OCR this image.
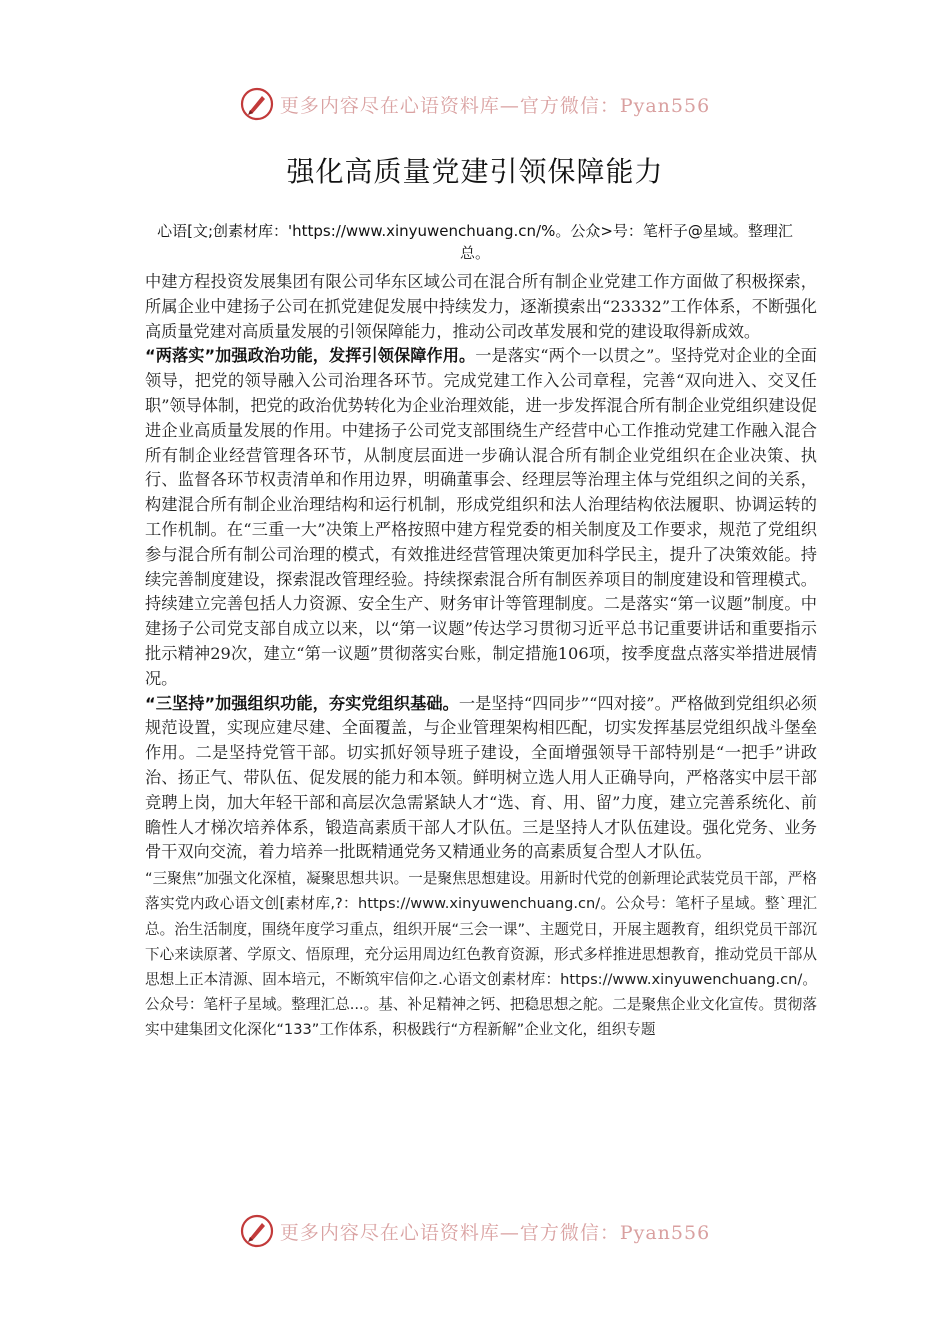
更多内容尽在心语资料库—官方微信：Pyan556
强化高质量党建引领保障能力
心语[文;创素材库：'https://www.xinyuwenchuang.cn/%。公众>号：笔杆子@星域。整理汇总。

中建方程投资发展集团有限公司华东区域公司在混合所有制企业党建工作方面做了积极探索，所属企业中建扬子公司在抓党建促发展中持续发力，逐渐摸索出“23332”工作体系，不断强化高质量党建对高质量发展的引领保障能力，推动公司改革发展和党的建设取得新成效。

“两落实”加强政治功能，发挥引领保障作用。一是落实“两个一以贯之”。坚持党对企业的全面领导，把党的领导融入公司治理各环节。完成党建工作入公司章程，完善“双向进入、交叉任职”领导体制，把党的政治优势转化为企业治理效能，进一步发挥混合所有制企业党组织建设促进企业高质量发展的作用。中建扬子公司党支部围绕生产经营中心工作推动党建工作融入混合所有制企业经营管理各环节，从制度层面进一步确认混合所有制企业党组织在企业决策、执行、监督各环节权责清单和作用边界，明确董事会、经理层等治理主体与党组织之间的关系，构建混合所有制企业治理结构和运行机制，形成党组织和法人治理结构依法履职、协调运转的工作机制。在“三重一大”决策上严格按照中建方程党委的相关制度及工作要求，规范了党组织参与混合所有制公司治理的模式，有效推进经营管理决策更加科学民主，提升了决策效能。持续完善制度建设，探索混改管理经验。持续探索混合所有制医养项目的制度建设和管理模式。持续建立完善包括人力资源、安全生产、财务审计等管理制度。二是落实“第一议题”制度。中建扬子公司党支部自成立以来，以“第一议题”传达学习贯彻习近平总书记重要讲话和重要指示批示精神29次，建立“第一议题”贯彻落实台账，制定措施106项，按季度盘点落实举措进展情况。

“三坚持”加强组织功能，夯实党组织基础。一是坚持“四同步”“四对接”。严格做到党组织必须规范设置，实现应建尽建、全面覆盖，与企业管理架构相匹配，切实发挥基层党组织战斗堡垒作用。二是坚持党管干部。切实抓好领导班子建设，全面增强领导干部特别是“一把手”讲政治、扬正气、带队伍、促发展的能力和本领。鲜明树立选人用人正确导向，严格落实中层干部竞聘上岗，加大年轻干部和高层次急需紧缺人才“选、育、用、留”力度，建立完善系统化、前瞻性人才梯次培养体系，锻造高素质干部人才队伍。三是坚持人才队伍建设。强化党务、业务骨干双向交流，着力培养一批既精通党务又精通业务的高素质复合型人才队伍。

“三聚焦”加强文化深植，凝聚思想共识。一是聚焦思想建设。用新时代党的创新理论武装党员干部，严格落实党内政心语文创[素材库,?：https://www.xinyuwenchuang.cn/。公众号：笔杆子星域。整`理汇总。治生活制度，围绕年度学习重点，组织开展“三会一课”、主题党日，开展主题教育，组织党员干部沉下心来读原著、学原文、悟原理，充分运用周边红色教育资源，形式多样推进思想教育，推动党员干部从思想上正本清源、固本培元，不断筑牢信仰之.心语文创素材库：https://www.xinyuwenchuang.cn/。公众号：笔杆子星域。整理汇总...。基、补足精神之钙、把稳思想之舵。二是聚焦企业文化宣传。贯彻落实中建集团文化深化“133”工作体系，积极践行“方程新解”企业文化，组织专题

更多内容尽在心语资料库—官方微信：Pyan556
